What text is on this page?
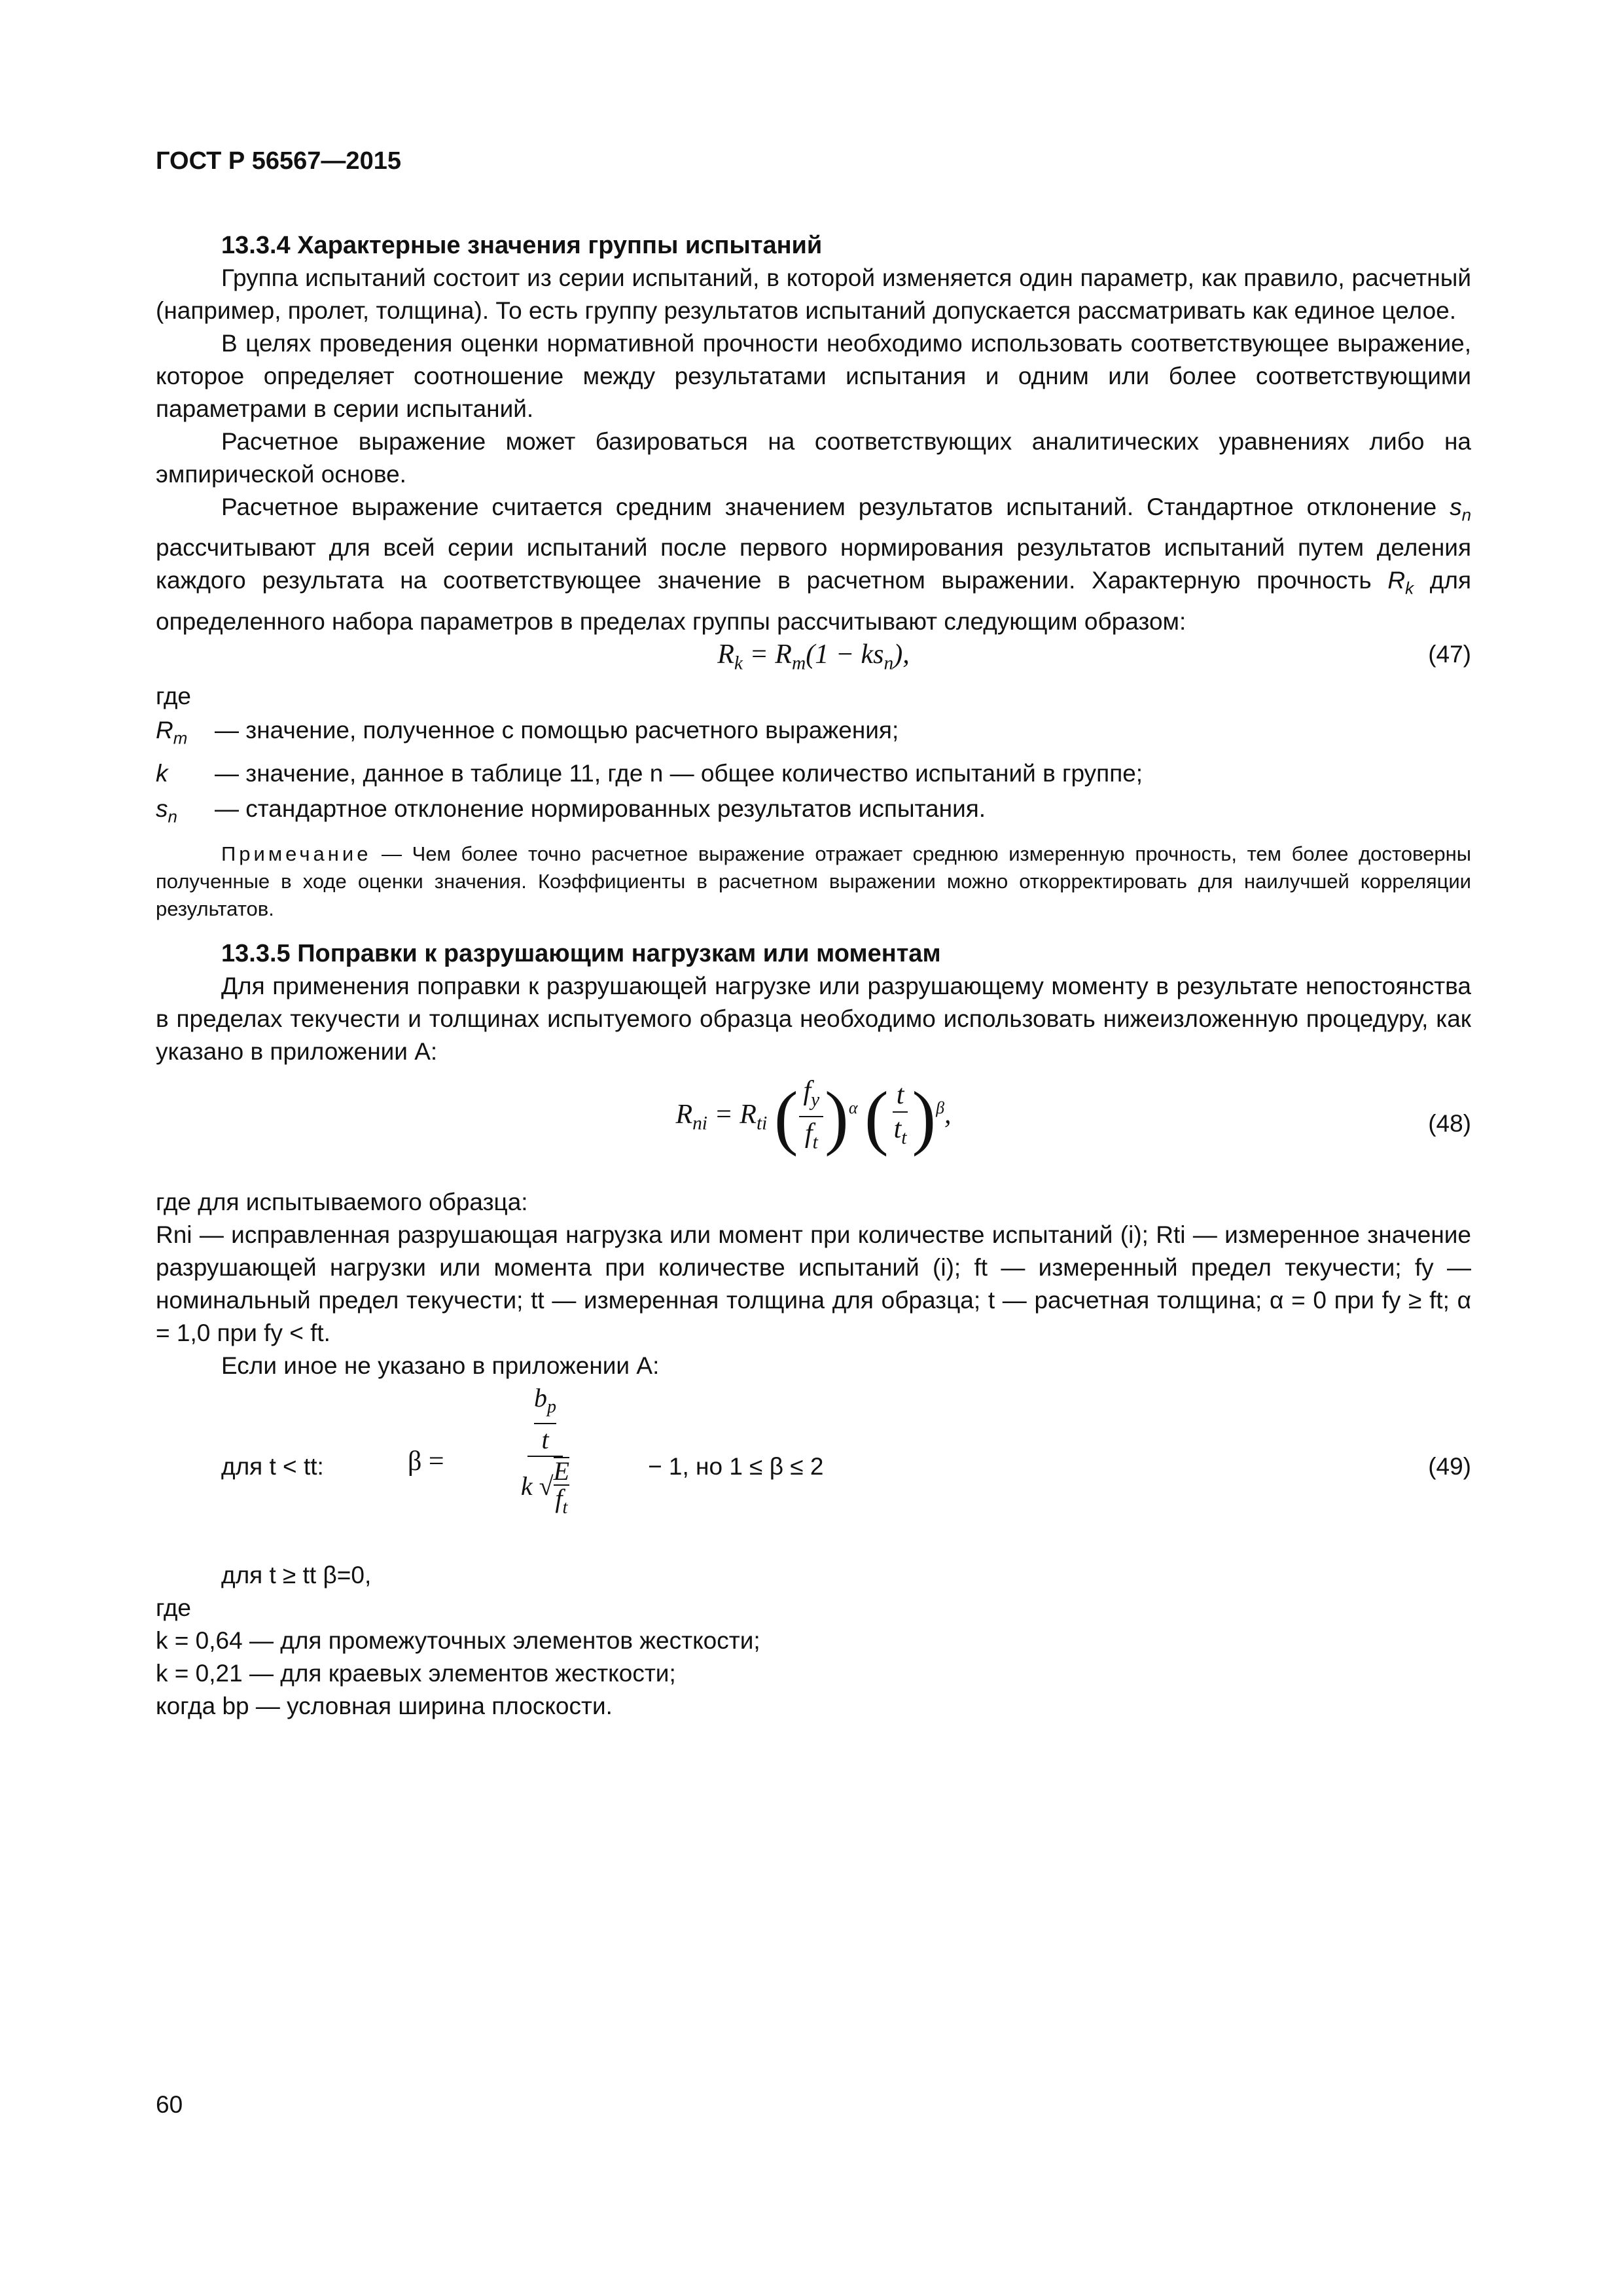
ГОСТ Р 56567—2015
13.3.4 Характерные значения группы испытаний

Группа испытаний состоит из серии испытаний, в которой изменяется один параметр, как правило, расчетный (например, пролет, толщина). То есть группу результатов испытаний допускается рассматривать как единое целое.

В целях проведения оценки нормативной прочности необходимо использовать соответствующее выражение, которое определяет соотношение между результатами испытания и одним или более соответствующими параметрами в серии испытаний.

Расчетное выражение может базироваться на соответствующих аналитических уравнениях либо на эмпирической основе.

Расчетное выражение считается средним значением результатов испытаний. Стандартное отклонение $s_n$ рассчитывают для всей серии испытаний после первого нормирования результатов испытаний путем деления каждого результата на соответствующее значение в расчетном выражении. Характерную прочность $R_k$ для определенного набора параметров в пределах группы рассчитывают следующим образом:

$R_k = R_m(1 - ks_n)$,	(47)
где
$R_m$	— значение, полученное с помощью расчетного выражения;
k	— значение, данное в таблице 11, где n — общее количество испытаний в группе;
$s_n$	— стандартное отклонение нормированных результатов испытания.
Примечание — Чем более точно расчетное выражение отражает среднюю измеренную прочность, тем более достоверны полученные в ходе оценки значения. Коэффициенты в расчетном выражении можно откорректировать для наилучшей корреляции результатов.
13.3.5 Поправки к разрушающим нагрузкам или моментам

Для применения поправки к разрушающей нагрузке или разрушающему моменту в результате непостоянства в пределах текучести и толщинах испытуемого образца необходимо использовать нижеизложенную процедуру, как указано в приложении А:

$R_{ni} = R_{ti}$ ( $\frac{f_y}{f_t} )^\alpha$ ( $\frac{t}{t_t} )^\beta$,	(48)
где для испытываемого образца:

Rni — исправленная разрушающая нагрузка или момент при количестве испытаний (i); Rti — измеренное значение разрушающей нагрузки или момента при количестве испытаний (i); ft — измеренный предел текучести; fy — номинальный предел текучести; tt — измеренная толщина для образца; t — расчетная толщина; α = 0 при fy ≥ ft; α = 1,0 при fy < ft.

Если иное не указано в приложении А:

для t < tt:	β =
$\frac{b_p}{t}$
k √ $\frac{E}{f_t}$	− 1, но 1 ≤ β ≤ 2	(49)
для t ≥ tt β=0,
где
k = 0,64 — для промежуточных элементов жесткости;
k = 0,21 — для краевых элементов жесткости;
когда bp — условная ширина плоскости.
60
